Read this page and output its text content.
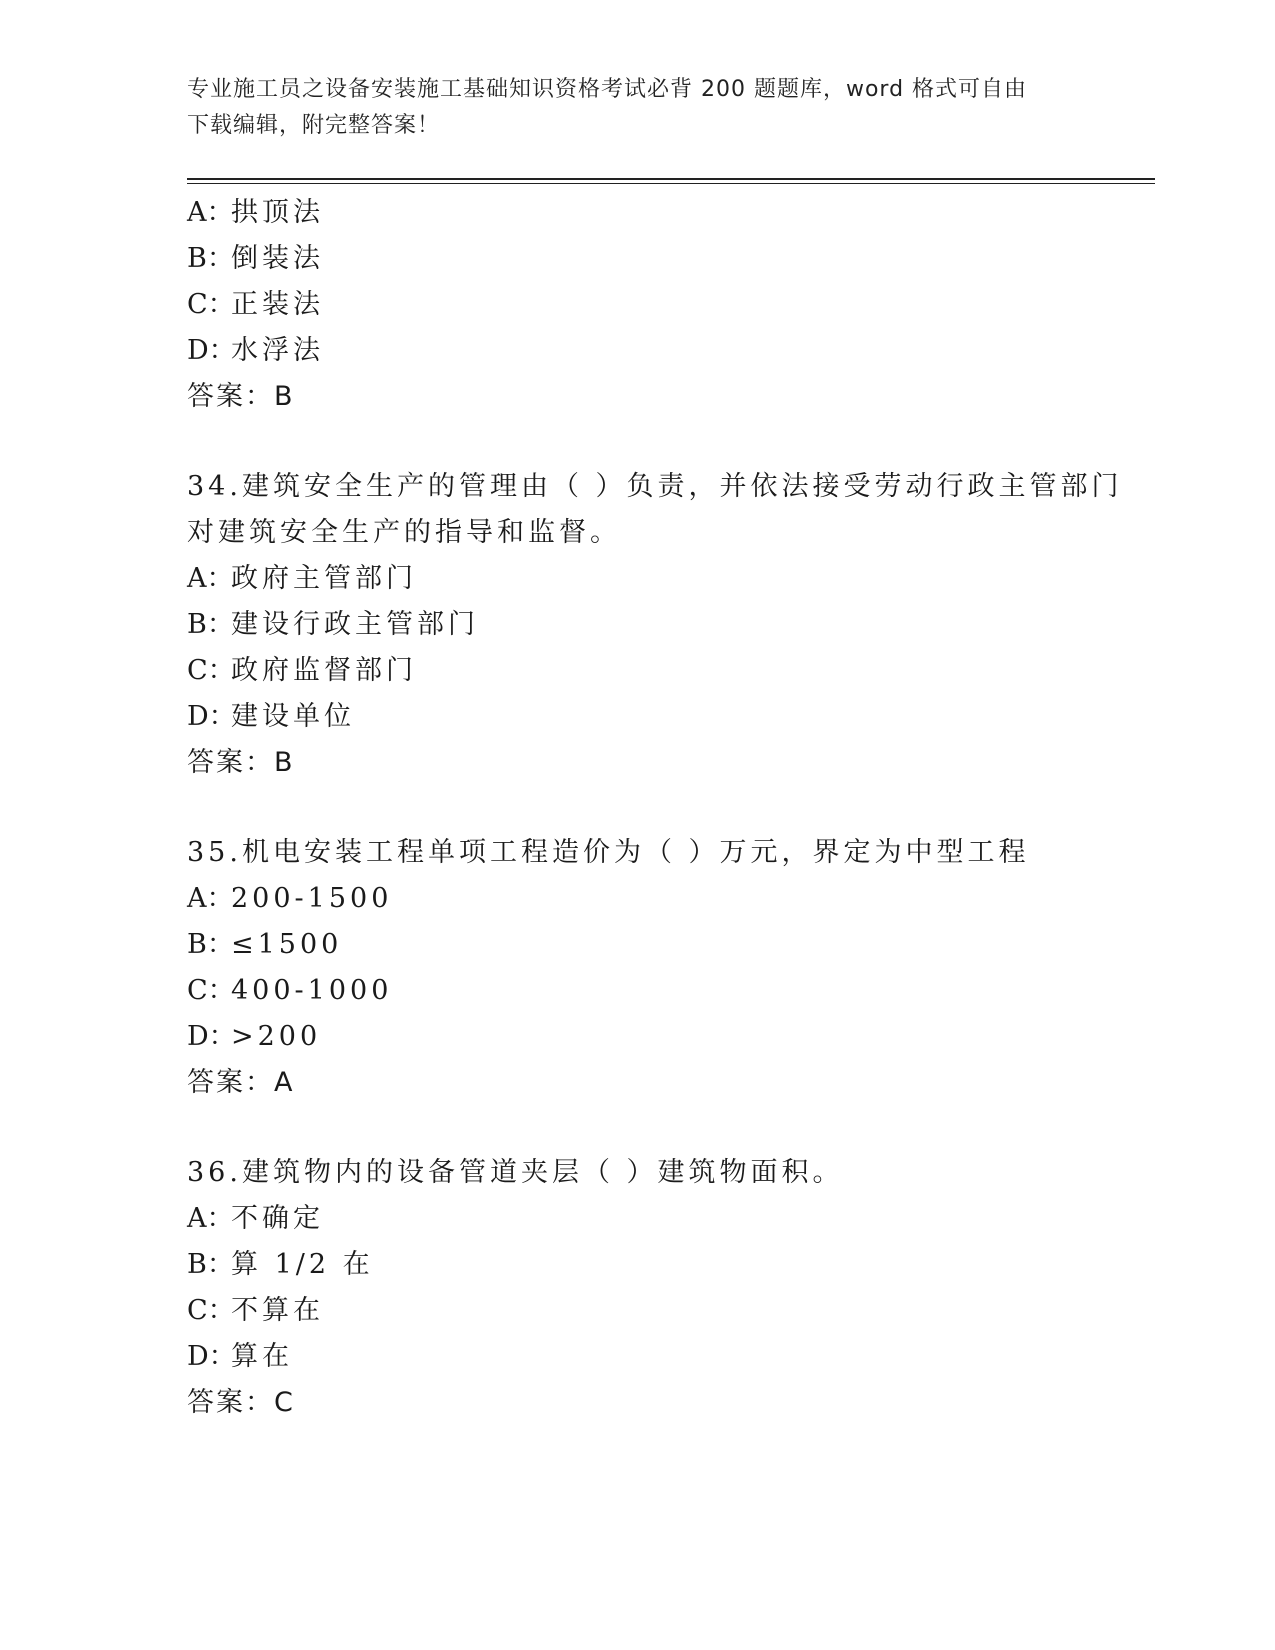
专业施工员之设备安装施工基础知识资格考试必背 200 题题库，word 格式可自由
下载编辑，附完整答案！
A：拱顶法
B：倒装法
C：正装法
D：水浮法
答案：B
34.建筑安全生产的管理由（ ）负责，并依法接受劳动行政主管部门
对建筑安全生产的指导和监督。
A：政府主管部门
B：建设行政主管部门
C：政府监督部门
D：建设单位
答案：B
35.机电安装工程单项工程造价为（ ）万元，界定为中型工程
A：200-1500
B：≤1500
C：400-1000
D：>200
答案：A
36.建筑物内的设备管道夹层（ ）建筑物面积。
A：不确定
B：算 1/2 在
C：不算在
D：算在
答案：C
